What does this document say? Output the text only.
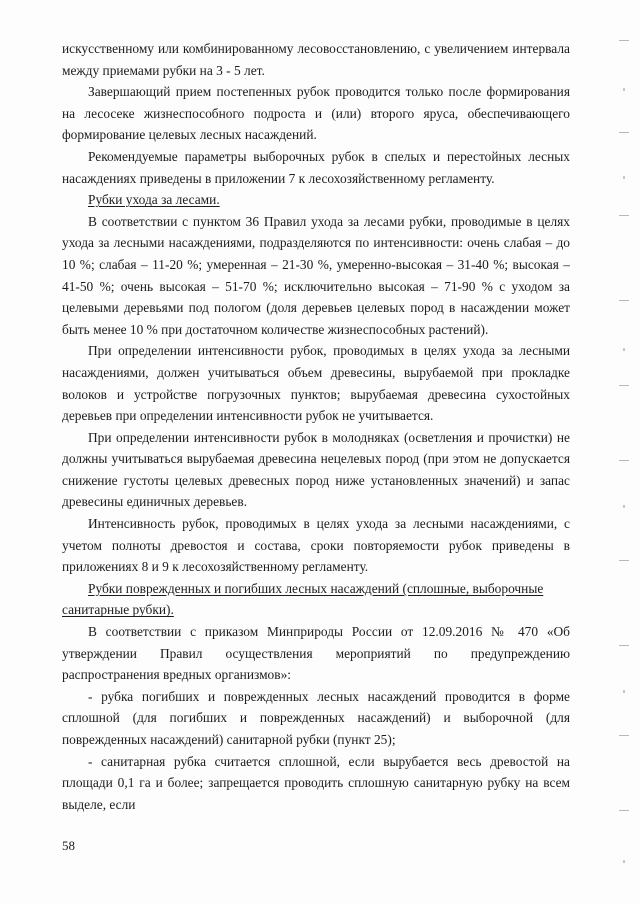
искусственному или комбинированному лесовосстановлению, с увеличением интервала между приемами рубки на 3 - 5 лет.

Завершающий прием постепенных рубок проводится только после формирования на лесосеке жизнеспособного подроста и (или) второго яруса, обеспечивающего формирование целевых лесных насаждений.

Рекомендуемые параметры выборочных рубок в спелых и перестойных лесных насаждениях приведены в приложении 7 к лесохозяйственному регламенту.

Рубки ухода за лесами.

В соответствии с пунктом 36 Правил ухода за лесами рубки, проводимые в целях ухода за лесными насаждениями, подразделяются по интенсивности: очень слабая – до 10 %; слабая – 11-20 %; умеренная – 21-30 %, умеренно-высокая – 31-40 %; высокая – 41-50 %; очень высокая – 51-70 %; исключительно высокая – 71-90 % с уходом за целевыми деревьями под пологом (доля деревьев целевых пород в насаждении может быть менее 10 % при достаточном количестве жизнеспособных растений).

При определении интенсивности рубок, проводимых в целях ухода за лесными насаждениями, должен учитываться объем древесины, вырубаемой при прокладке волоков и устройстве погрузочных пунктов; вырубаемая древесина сухостойных деревьев при определении интенсивности рубок не учитывается.

При определении интенсивности рубок в молодняках (осветления и прочистки) не должны учитываться вырубаемая древесина нецелевых пород (при этом не допускается снижение густоты целевых древесных пород ниже установленных значений) и запас древесины единичных деревьев.

Интенсивность рубок, проводимых в целях ухода за лесными насаждениями, с учетом полноты древостоя и состава, сроки повторяемости рубок приведены в приложениях 8 и 9 к лесохозяйственному регламенту.

Рубки поврежденных и погибших лесных насаждений (сплошные, выборочные
санитарные рубки).

В соответствии с приказом Минприроды России от 12.09.2016 № 470 «Об утверждении Правил осуществления мероприятий по предупреждению распространения вредных организмов»:

- рубка погибших и поврежденных лесных насаждений проводится в форме сплошной (для погибших и поврежденных насаждений) и выборочной (для поврежденных насаждений) санитарной рубки (пункт 25);

- санитарная рубка считается сплошной, если вырубается весь древостой на площади 0,1 га и более; запрещается проводить сплошную санитарную рубку на всем выделе, если

58
